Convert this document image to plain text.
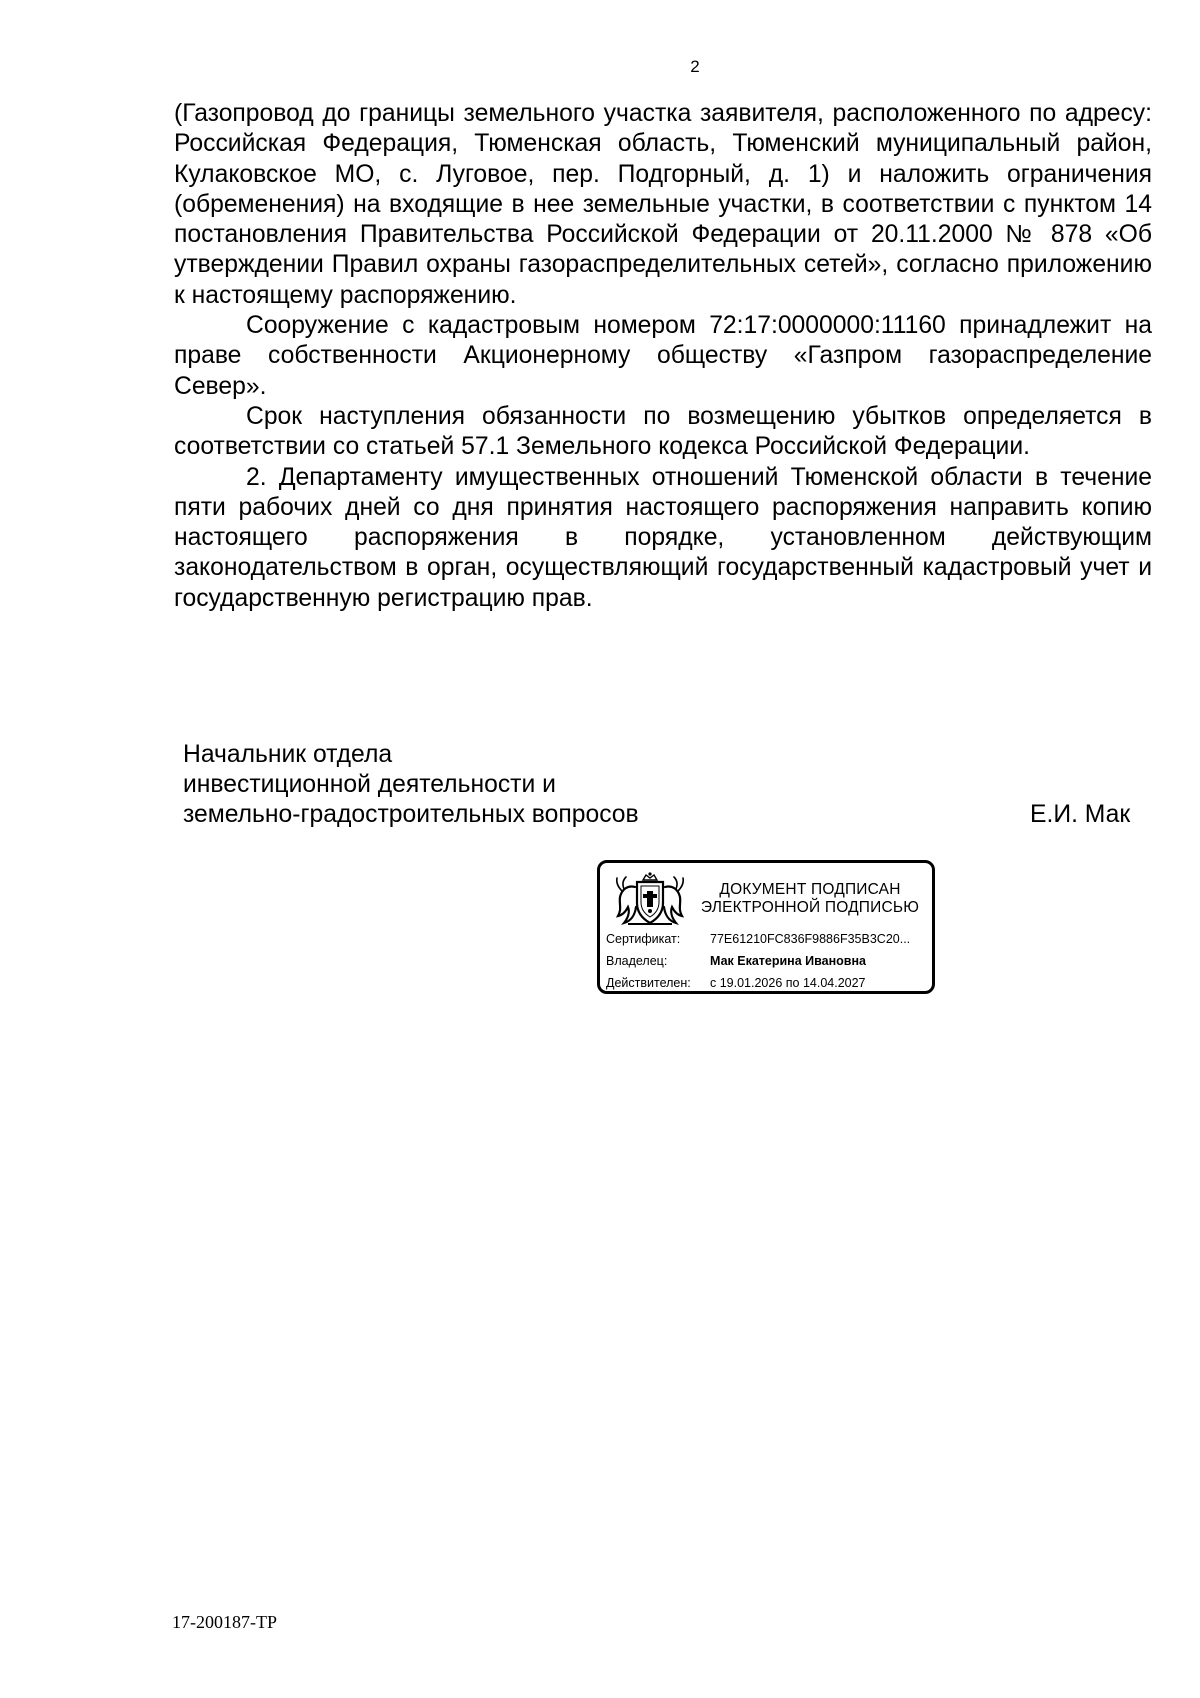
2

(Газопровод до границы земельного участка заявителя, расположенного по адресу: Российская Федерация, Тюменская область, Тюменский муниципальный район, Кулаковское МО, с. Луговое, пер. Подгорный, д. 1) и наложить ограничения (обременения) на входящие в нее земельные участки, в соответствии с пунктом 14 постановления Правительства Российской Федерации от 20.11.2000 № 878 «Об утверждении Правил охраны газораспределительных сетей», согласно приложению к настоящему распоряжению.

Сооружение с кадастровым номером 72:17:0000000:11160 принадлежит на праве собственности Акционерному обществу «Газпром газораспределение Север».

Срок наступления обязанности по возмещению убытков определяется в соответствии со статьей 57.1 Земельного кодекса Российской Федерации.

2. Департаменту имущественных отношений Тюменской области в течение пяти рабочих дней со дня принятия настоящего распоряжения направить копию настоящего распоряжения в порядке, установленном действующим законодательством в орган, осуществляющий государственный кадастровый учет и государственную регистрацию прав.

Начальник отдела
инвестиционной деятельности и
земельно-градостроительных вопросов	Е.И. Мак
ДОКУМЕНТ ПОДПИСАН
ЭЛЕКТРОННОЙ ПОДПИСЬЮ
Сертификат: 77E61210FC836F9886F35B3C20...
Владелец:	Мак Екатерина Ивановна
Действителен: с 19.01.2026 по 14.04.2027
17-200187-ТР
